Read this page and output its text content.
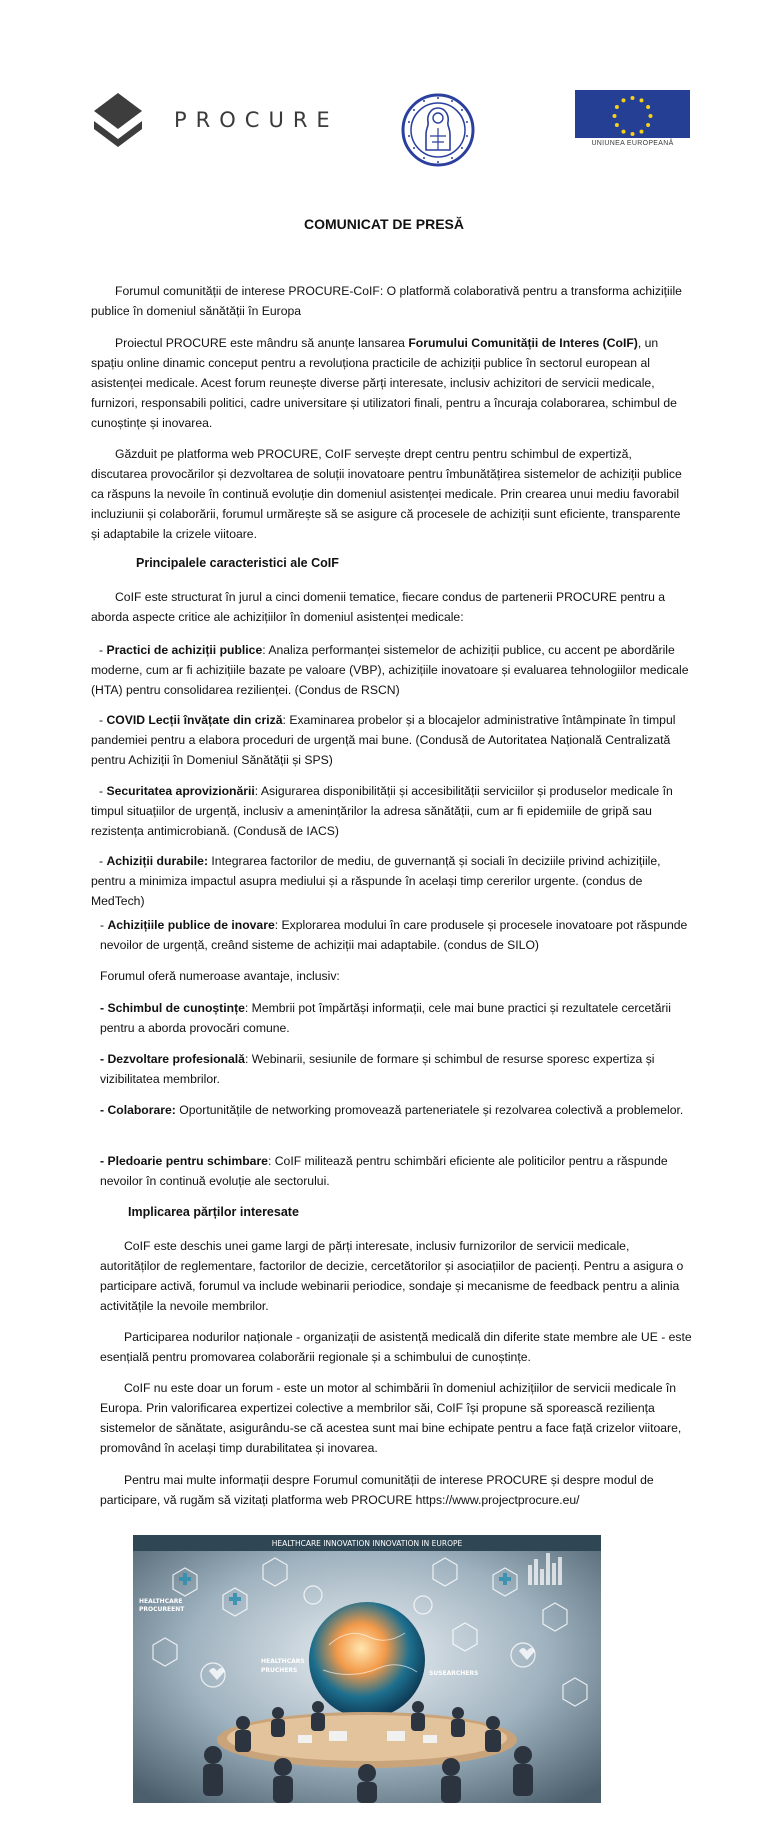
PROCURE
UNIUNEA EUROPEANĂ
COMUNICAT DE PRESĂ

Forumul comunității de interese PROCURE-CoIF: O platformă colaborativă pentru a transforma achizițiile publice în domeniul sănătății în Europa

Proiectul PROCURE este mândru să anunțe lansarea Forumului Comunității de Interes (CoIF), un spațiu online dinamic conceput pentru a revoluționa practicile de achiziții publice în sectorul european al asistenței medicale. Acest forum reunește diverse părți interesate, inclusiv achizitori de servicii medicale, furnizori, responsabili politici, cadre universitare și utilizatori finali, pentru a încuraja colaborarea, schimbul de cunoștințe și inovarea.

Găzduit pe platforma web PROCURE, CoIF servește drept centru pentru schimbul de expertiză, discutarea provocărilor și dezvoltarea de soluții inovatoare pentru îmbunătățirea sistemelor de achiziții publice ca răspuns la nevoile în continuă evoluție din domeniul asistenței medicale. Prin crearea unui mediu favorabil incluziunii și colaborării, forumul urmărește să se asigure că procesele de achiziții sunt eficiente, transparente și adaptabile la crizele viitoare.

Principalele caracteristici ale CoIF

CoIF este structurat în jurul a cinci domenii tematice, fiecare condus de partenerii PROCURE pentru a aborda aspecte critice ale achizițiilor în domeniul asistenței medicale:

- Practici de achiziții publice: Analiza performanței sistemelor de achiziții publice, cu accent pe abordările moderne, cum ar fi achizițiile bazate pe valoare (VBP), achizițiile inovatoare și evaluarea tehnologiilor medicale (HTA) pentru consolidarea rezilienței. (Condus de RSCN)

- COVID Lecții învățate din criză: Examinarea probelor și a blocajelor administrative întâmpinate în timpul pandemiei pentru a elabora proceduri de urgență mai bune. (Condusă de Autoritatea Națională Centralizată pentru Achiziții în Domeniul Sănătății și SPS)

- Securitatea aprovizionării: Asigurarea disponibilității și accesibilității serviciilor și produselor medicale în timpul situațiilor de urgență, inclusiv a amenințărilor la adresa sănătății, cum ar fi epidemiile de gripă sau rezistența antimicrobiană. (Condusă de IACS)

- Achiziții durabile: Integrarea factorilor de mediu, de guvernanță și sociali în deciziile privind achizițiile, pentru a minimiza impactul asupra mediului și a răspunde în același timp cererilor urgente. (condus de MedTech)

- Achizițiile publice de inovare: Explorarea modului în care produsele și procesele inovatoare pot răspunde nevoilor de urgență, creând sisteme de achiziții mai adaptabile. (condus de SILO)

Forumul oferă numeroase avantaje, inclusiv:

- Schimbul de cunoștințe: Membrii pot împărtăși informații, cele mai bune practici și rezultatele cercetării pentru a aborda provocări comune.

- Dezvoltare profesională: Webinarii, sesiunile de formare și schimbul de resurse sporesc expertiza și vizibilitatea membrilor.

- Colaborare: Oportunitățile de networking promovează parteneriatele și rezolvarea colectivă a problemelor.

- Pledoarie pentru schimbare: CoIF militează pentru schimbări eficiente ale politicilor pentru a răspunde nevoilor în continuă evoluție ale sectorului.

Implicarea părților interesate

CoIF este deschis unei game largi de părți interesate, inclusiv furnizorilor de servicii medicale, autorităților de reglementare, factorilor de decizie, cercetătorilor și asociațiilor de pacienți. Pentru a asigura o participare activă, forumul va include webinarii periodice, sondaje și mecanisme de feedback pentru a alinia activitățile la nevoile membrilor.

Participarea nodurilor naționale - organizații de asistență medicală din diferite state membre ale UE - este esențială pentru promovarea colaborării regionale și a schimbului de cunoștințe.

CoIF nu este doar un forum - este un motor al schimbării în domeniul achizițiilor de servicii medicale în Europa. Prin valorificarea expertizei colective a membrilor săi, CoIF își propune să sporească reziliența sistemelor de sănătate, asigurându-se că acestea sunt mai bine echipate pentru a face față crizelor viitoare, promovând în același timp durabilitatea și inovarea.

Pentru mai multe informații despre Forumul comunității de interese PROCURE și despre modul de participare, vă rugăm să vizitați platforma web PROCURE https://www.projectprocure.eu/

HEALTHCARE INNOVATION INNOVATION IN EUROPE
HEALTHCARE
PROCUREENT
HEALTHCARS
PRUCHERS	SUSEARCHERS
